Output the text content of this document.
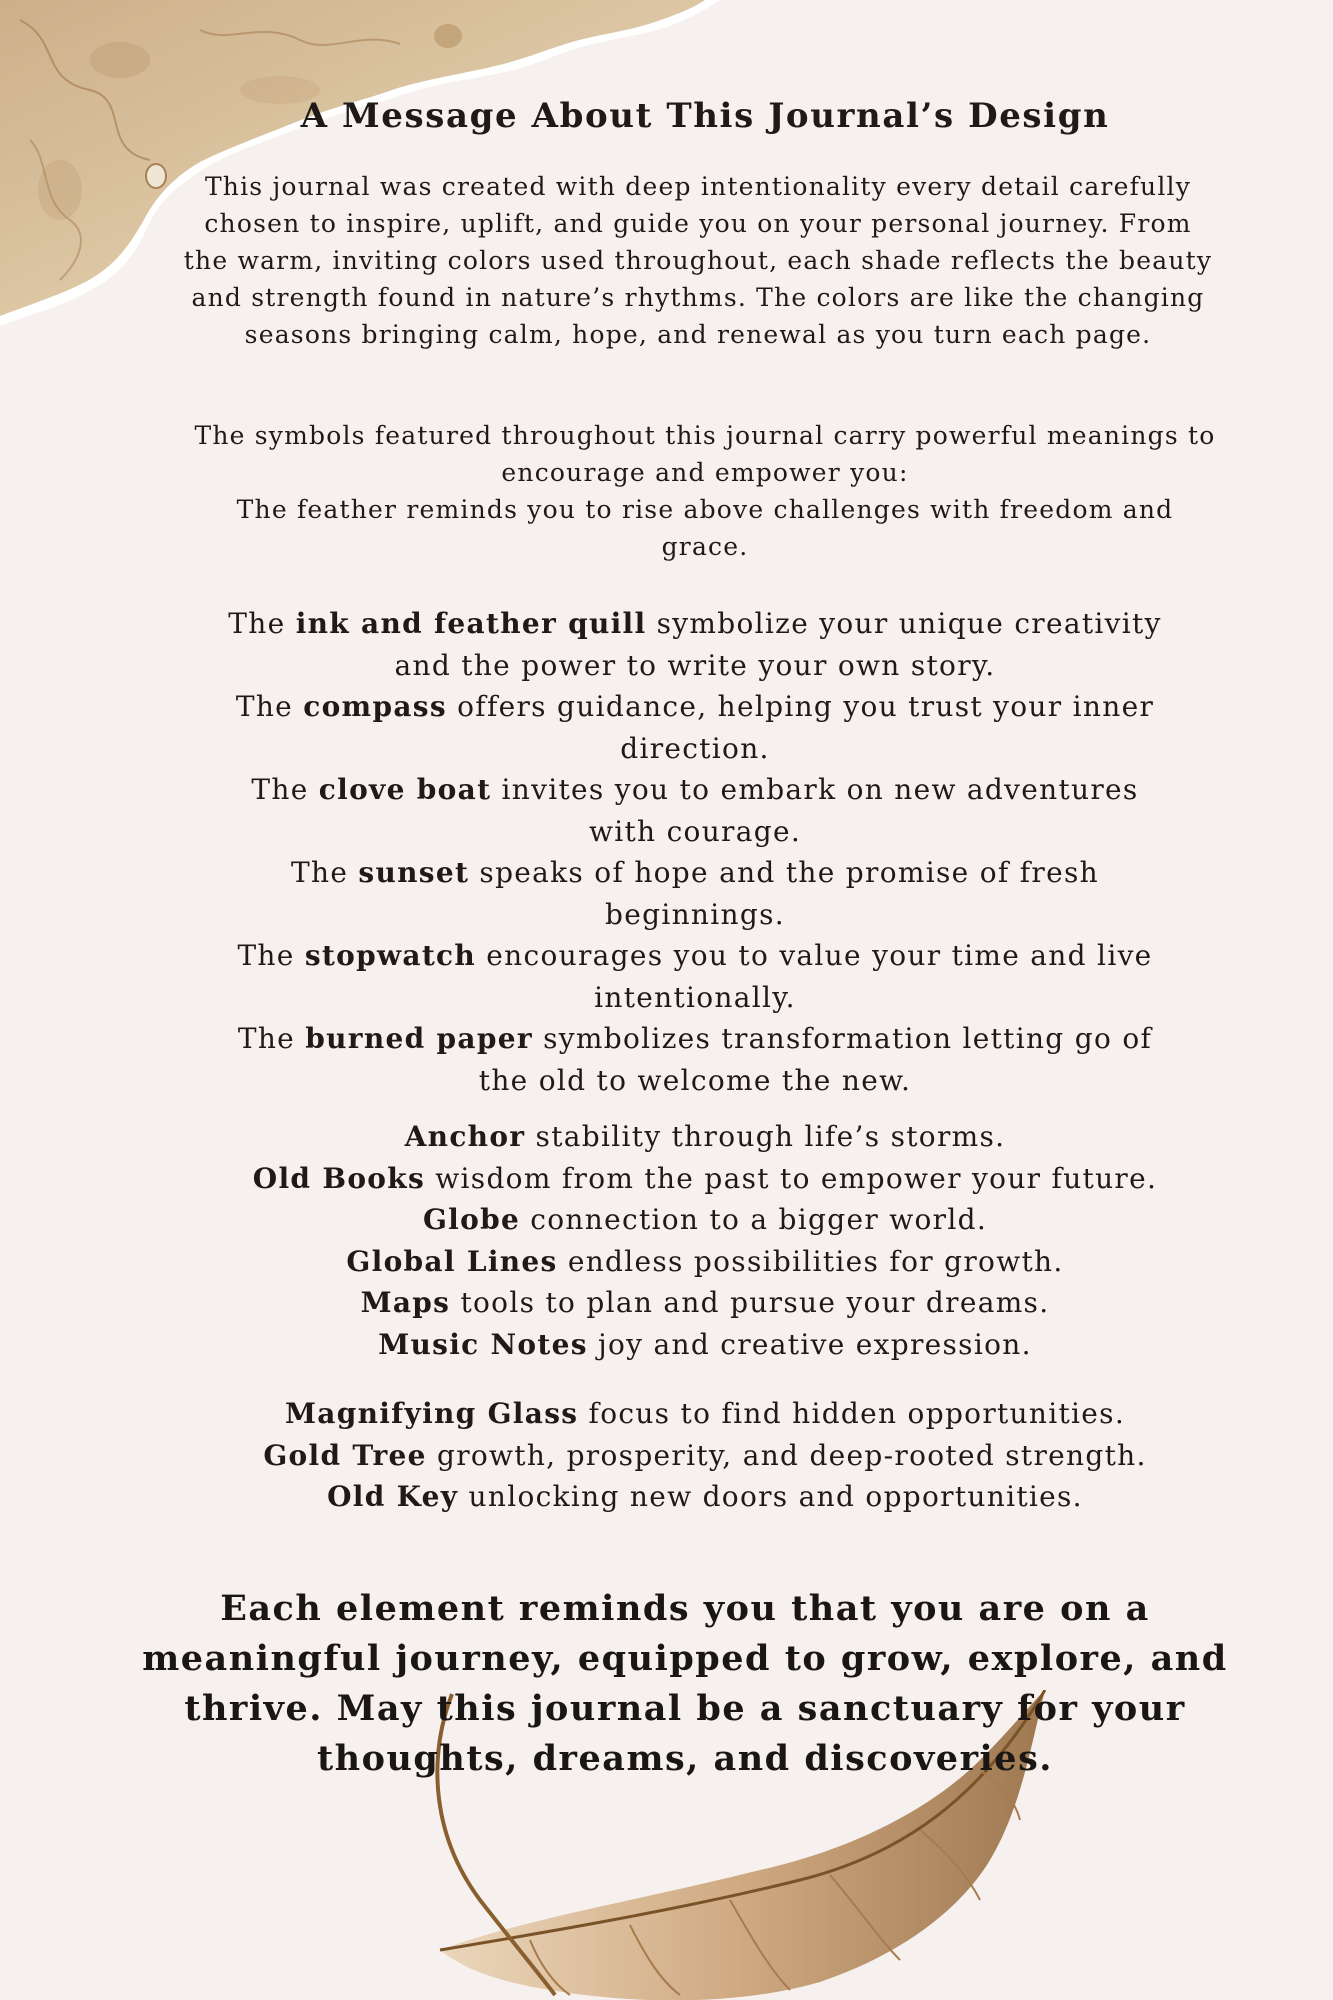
A Message About This Journal’s Design

This journal was created with deep intentionality every detail carefully chosen to inspire, uplift, and guide you on your personal journey. From the warm, inviting colors used throughout, each shade reflects the beauty and strength found in nature’s rhythms. The colors are like the changing seasons bringing calm, hope, and renewal as you turn each page.

The symbols featured throughout this journal carry powerful meanings to encourage and empower you:
The feather reminds you to rise above challenges with freedom and grace.

The ink and feather quill symbolize your unique creativity and the power to write your own story.
The compass offers guidance, helping you trust your inner direction.
The clove boat invites you to embark on new adventures with courage.
The sunset speaks of hope and the promise of fresh beginnings.
The stopwatch encourages you to value your time and live intentionally.
The burned paper symbolizes transformation letting go of the old to welcome the new.
Anchor stability through life’s storms.
Old Books wisdom from the past to empower your future.
Globe connection to a bigger world.
Global Lines endless possibilities for growth.
Maps tools to plan and pursue your dreams.
Music Notes joy and creative expression.
Magnifying Glass focus to find hidden opportunities.
Gold Tree growth, prosperity, and deep-rooted strength.
Old Key unlocking new doors and opportunities.

Each element reminds you that you are on a meaningful journey, equipped to grow, explore, and thrive. May this journal be a sanctuary for your thoughts, dreams, and discoveries.
